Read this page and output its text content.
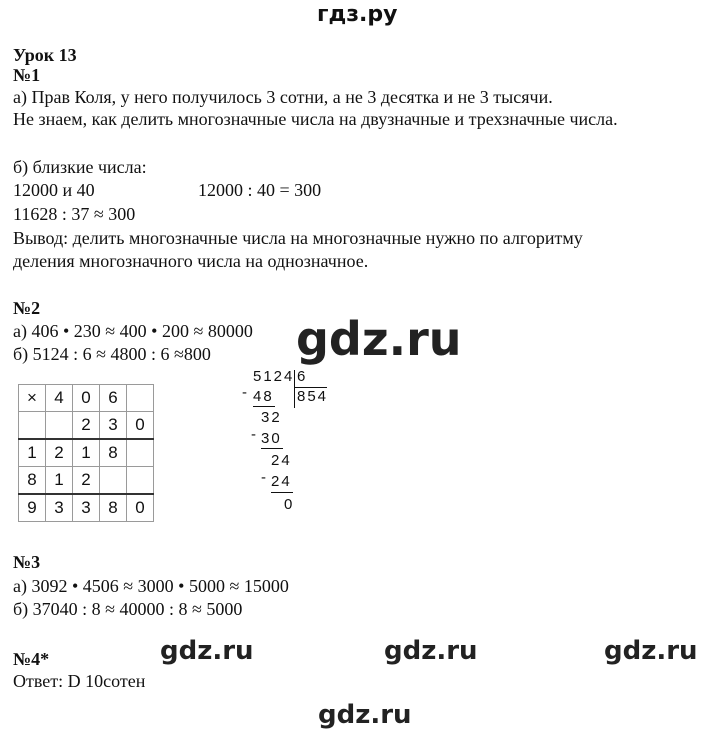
гдз.ру
Урок 13
№1
а) Прав Коля, у него получилось 3 сотни, а не 3 десятка и не 3 тысячи.
Не знаем, как делить многозначные числа на двузначные и трехзначные числа.
б) близкие числа:
12000 и 40	12000 : 40 = 300
11628 : 37 ≈ 300
Вывод: делить многозначные числа на многозначные нужно по алгоритму
деления многозначного числа на однозначное.
№2
а) 406 • 230 ≈ 400 • 200 ≈ 80000
б) 5124 : 6 ≈ 4800 : 6 ≈800 gdz.ru
×	4	0	6	
		2	3	0
1	2	1	8	
8	1	2		
9	3	3	8	0
5124 6
854
- 48
32
- 30
24
- 24
0
№3
а) 3092 • 4506 ≈ 3000 • 5000 ≈ 15000
б) 37040 : 8 ≈ 40000 : 8 ≈ 5000
№4*
Ответ: D 10сотен
gdz.ru	gdz.ru	gdz.ru
gdz.ru
